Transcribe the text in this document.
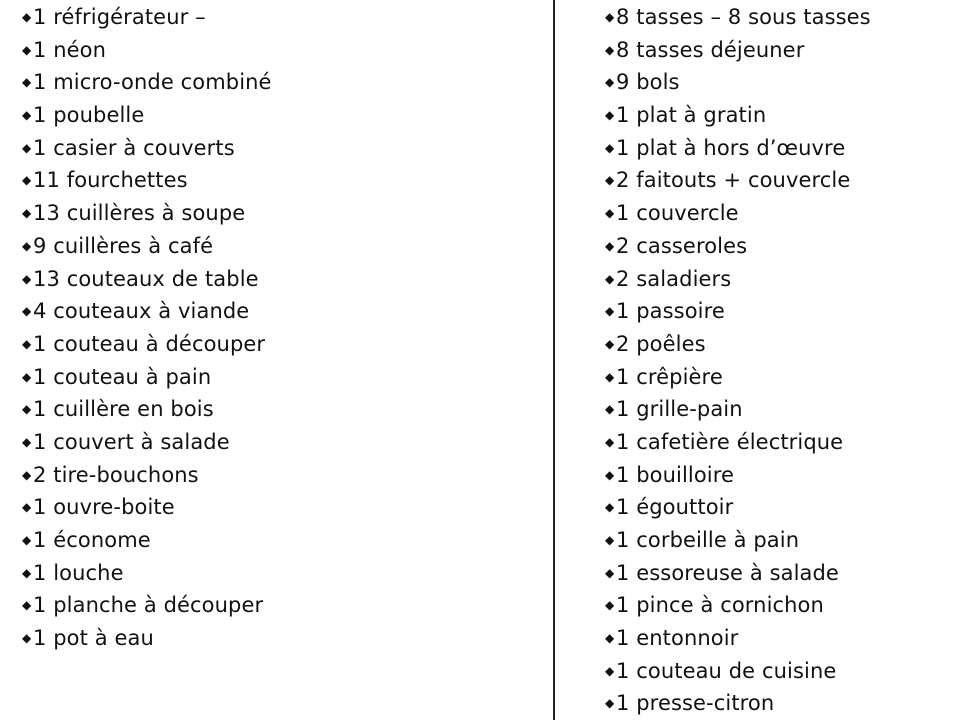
◆1 réfrigérateur –
◆1 néon
◆1 micro-onde combiné
◆1 poubelle
◆1 casier à couverts
◆11 fourchettes
◆13 cuillères à soupe
◆9 cuillères à café
◆13 couteaux de table
◆4 couteaux à viande
◆1 couteau à découper
◆1 couteau à pain
◆1 cuillère en bois
◆1 couvert à salade
◆2 tire-bouchons
◆1 ouvre-boite
◆1 économe
◆1 louche
◆1 planche à découper
◆1 pot à eau
◆8 tasses – 8 sous tasses
◆8 tasses déjeuner
◆9 bols
◆1 plat à gratin
◆1 plat à hors d’œuvre
◆2 faitouts + couvercle
◆1 couvercle
◆2 casseroles
◆2 saladiers
◆1 passoire
◆2 poêles
◆1 crêpière
◆1 grille-pain
◆1 cafetière électrique
◆1 bouilloire
◆1 égouttoir
◆1 corbeille à pain
◆1 essoreuse à salade
◆1 pince à cornichon
◆1 entonnoir
◆1 couteau de cuisine
◆1 presse-citron
